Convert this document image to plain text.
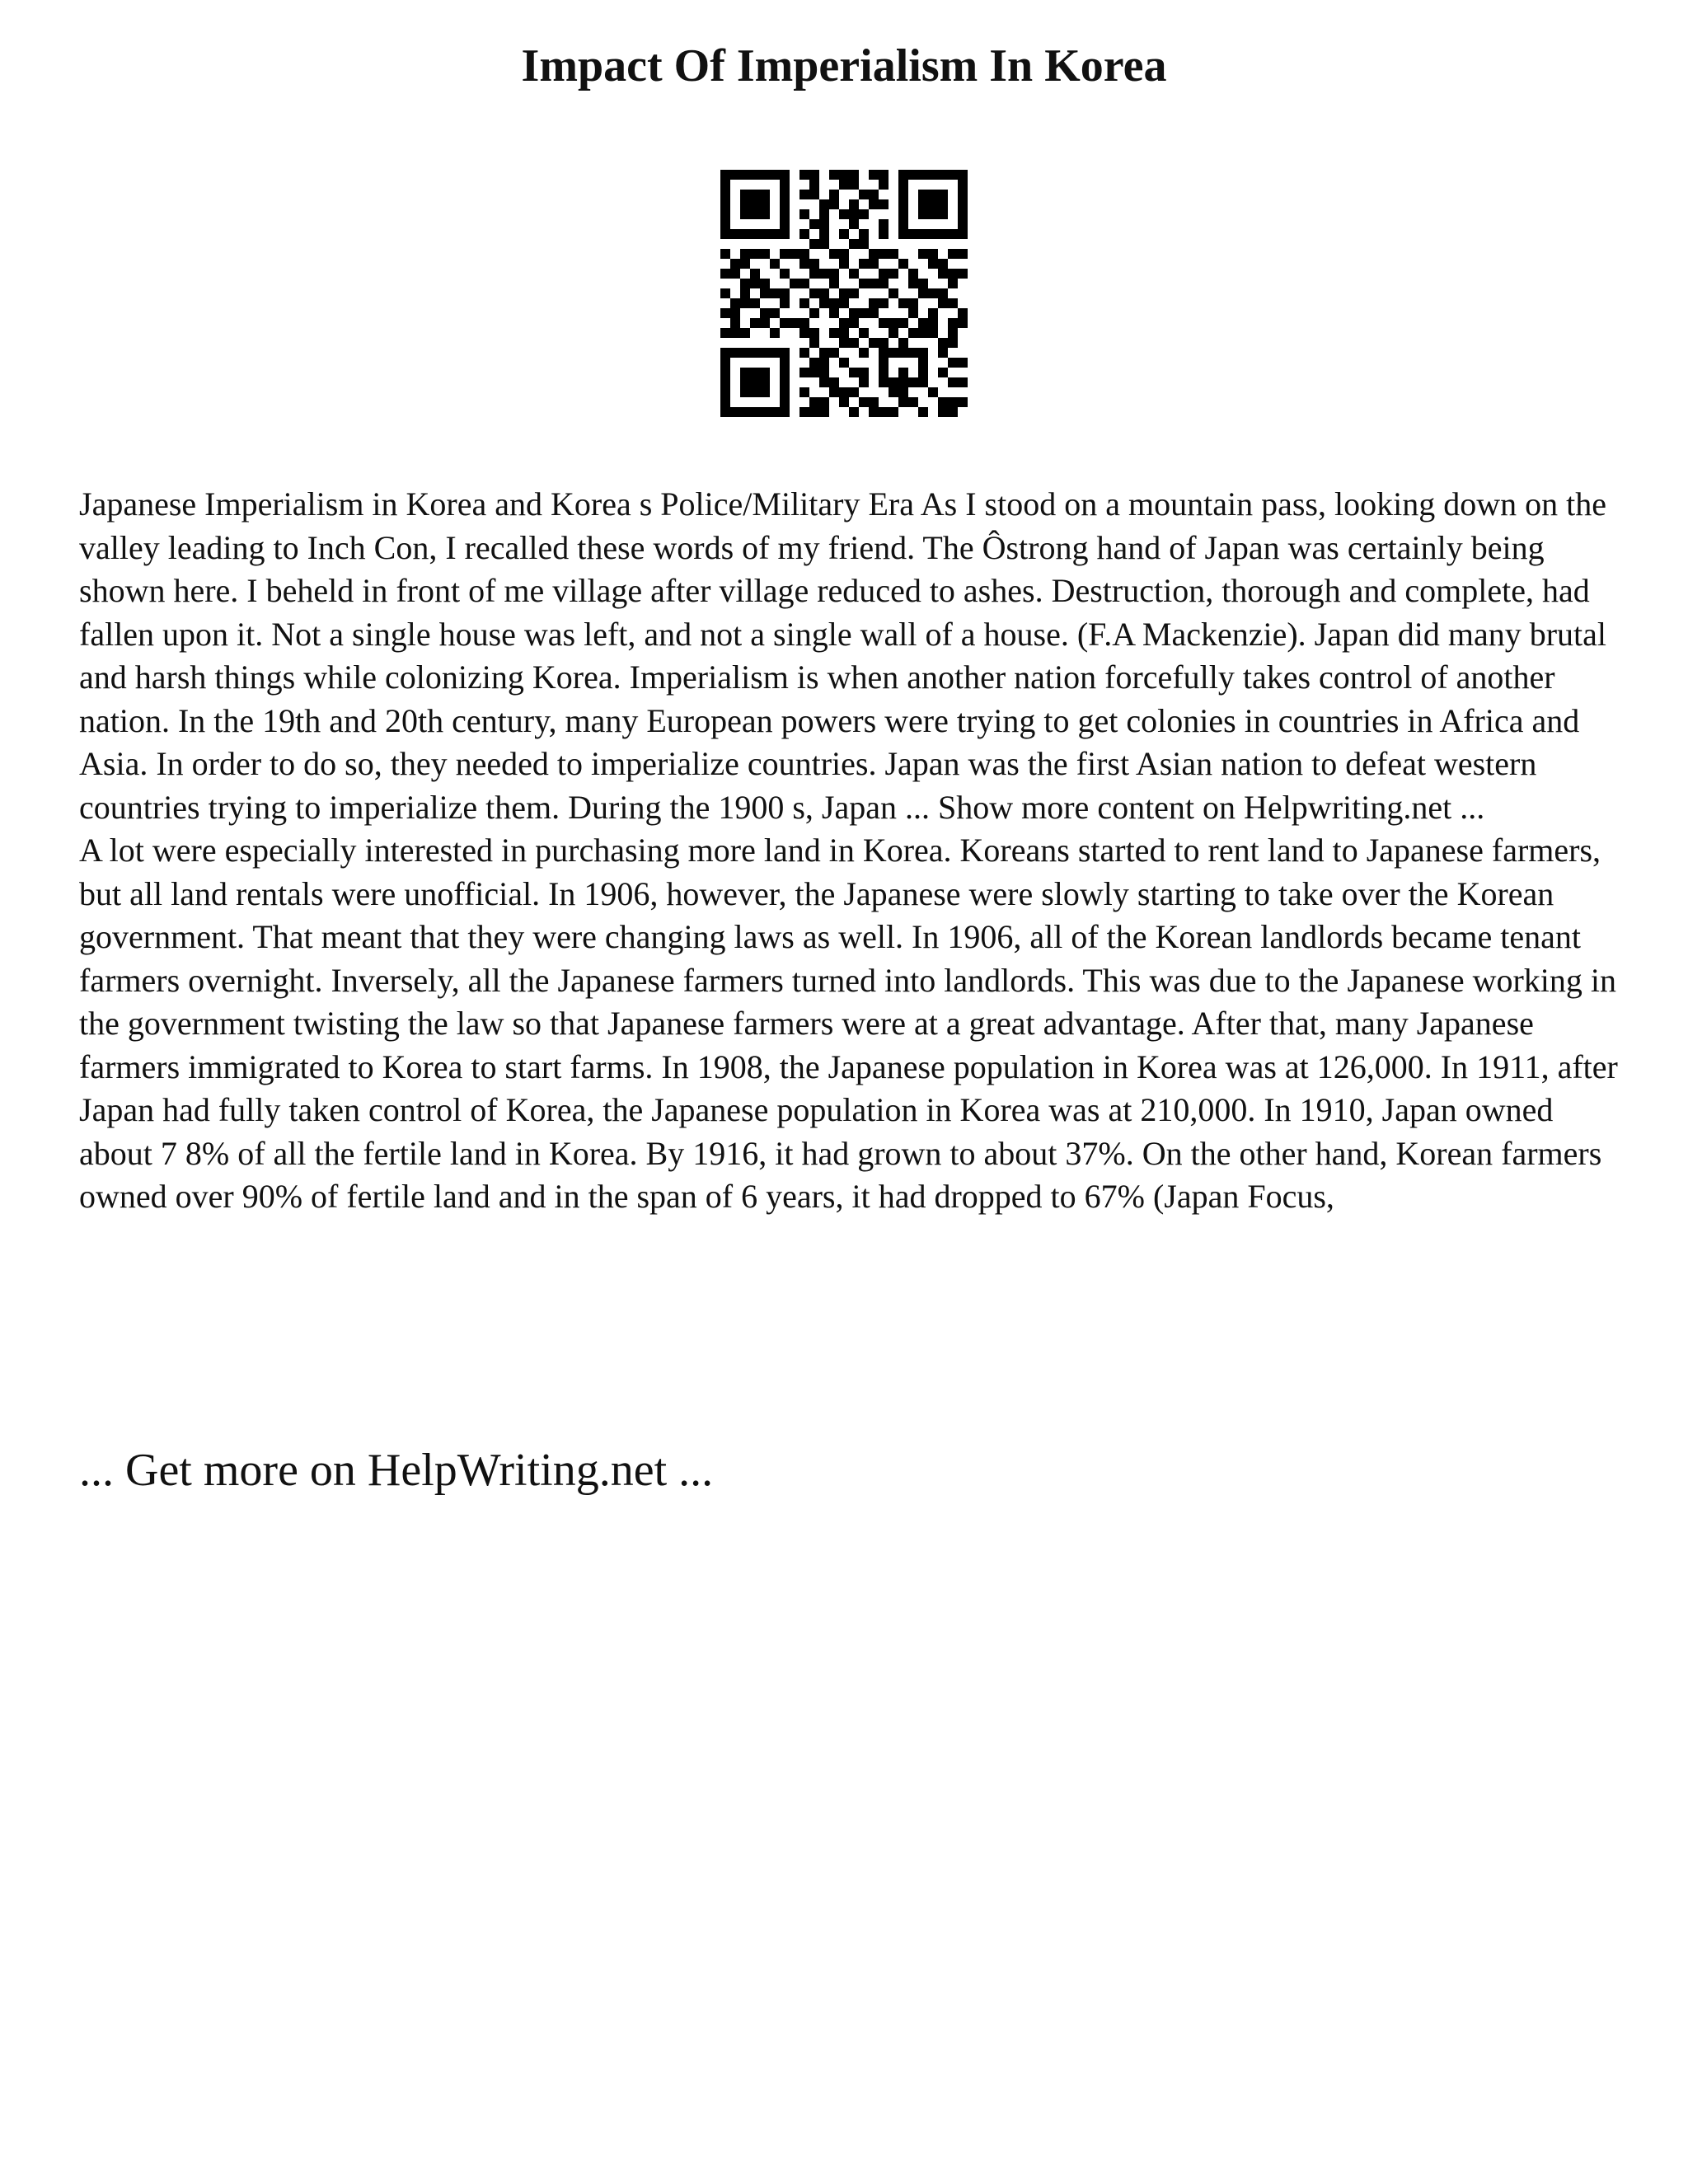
Impact Of Imperialism In Korea

Japanese Imperialism in Korea and Korea s Police/Military Era As I stood on a mountain pass, looking down on the valley leading to Inch Con, I recalled these words of my friend. The Ôstrong hand of Japan was certainly being shown here. I beheld in front of me village after village reduced to ashes. Destruction, thorough and complete, had fallen upon it. Not a single house was left, and not a single wall of a house. (F.A Mackenzie). Japan did many brutal and harsh things while colonizing Korea. Imperialism is when another nation forcefully takes control of another nation. In the 19th and 20th century, many European powers were trying to get colonies in countries in Africa and Asia. In order to do so, they needed to imperialize countries. Japan was the first Asian nation to defeat western countries trying to imperialize them. During the 1900 s, Japan ... Show more content on Helpwriting.net ...

A lot were especially interested in purchasing more land in Korea. Koreans started to rent land to Japanese farmers, but all land rentals were unofficial. In 1906, however, the Japanese were slowly starting to take over the Korean government. That meant that they were changing laws as well. In 1906, all of the Korean landlords became tenant farmers overnight. Inversely, all the Japanese farmers turned into landlords. This was due to the Japanese working in the government twisting the law so that Japanese farmers were at a great advantage. After that, many Japanese farmers immigrated to Korea to start farms. In 1908, the Japanese population in Korea was at 126,000. In 1911, after Japan had fully taken control of Korea, the Japanese population in Korea was at 210,000. In 1910, Japan owned about 7 8% of all the fertile land in Korea. By 1916, it had grown to about 37%. On the other hand, Korean farmers owned over 90% of fertile land and in the span of 6 years, it had dropped to 67% (Japan Focus,

... Get more on HelpWriting.net ...
